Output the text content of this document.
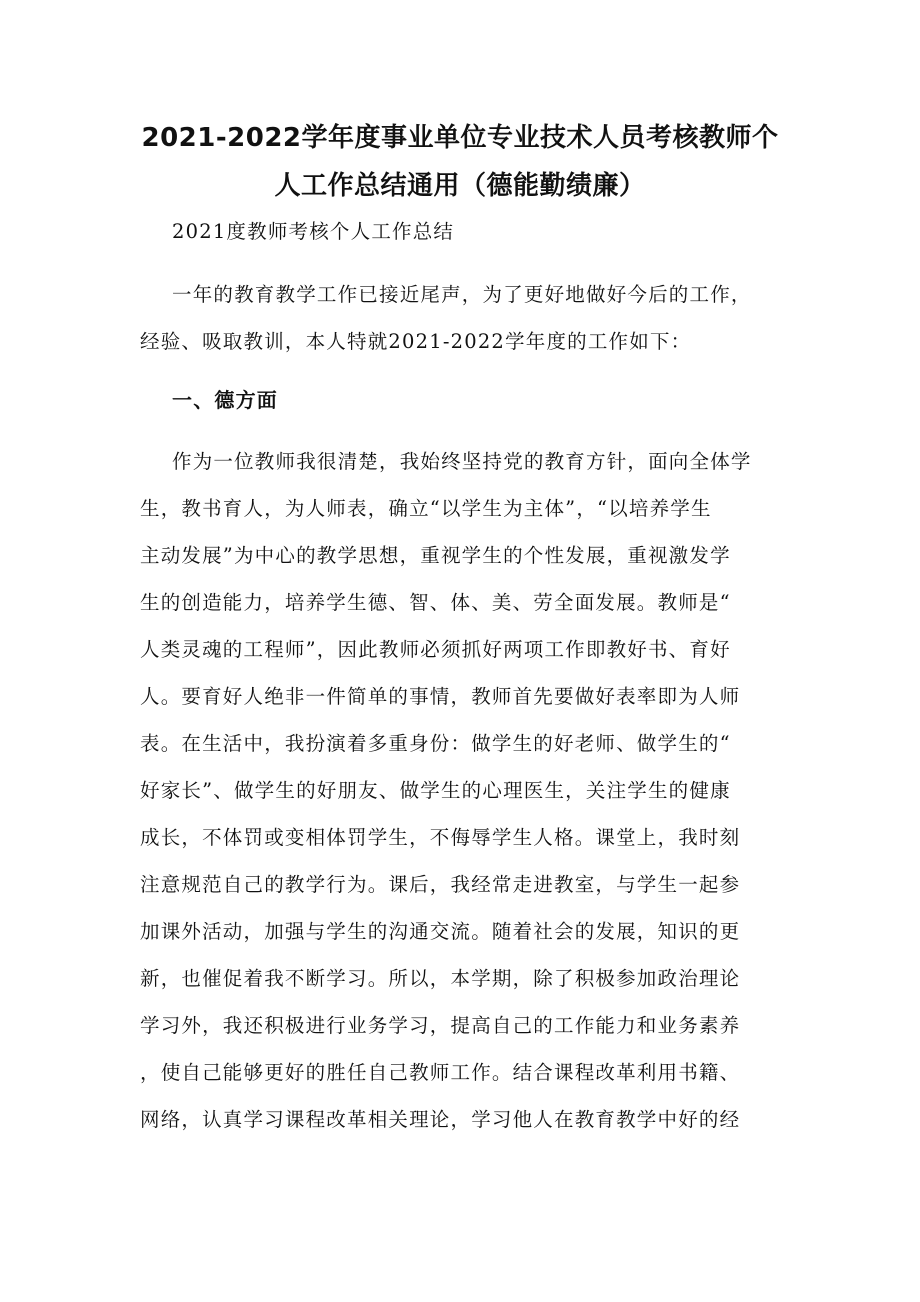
2021-2022学年度事业单位专业技术人员考核教师个
人工作总结通用（德能勤绩廉）
2021度教师考核个人工作总结
一年的教育教学工作已接近尾声，为了更好地做好今后的工作，
经验、吸取教训，本人特就2021-2022学年度的工作如下：
一、德方面
作为一位教师我很清楚，我始终坚持党的教育方针，面向全体学
生，教书育人，为人师表，确立“以学生为主体”，“以培养学生
主动发展”为中心的教学思想，重视学生的个性发展，重视激发学
生的创造能力，培养学生德、智、体、美、劳全面发展。教师是“
人类灵魂的工程师”，因此教师必须抓好两项工作即教好书、育好
人。要育好人绝非一件简单的事情，教师首先要做好表率即为人师
表。在生活中，我扮演着多重身份：做学生的好老师、做学生的“
好家长”、做学生的好朋友、做学生的心理医生，关注学生的健康
成长，不体罚或变相体罚学生，不侮辱学生人格。课堂上，我时刻
注意规范自己的教学行为。课后，我经常走进教室，与学生一起参
加课外活动，加强与学生的沟通交流。随着社会的发展，知识的更
新，也催促着我不断学习。所以，本学期，除了积极参加政治理论
学习外，我还积极进行业务学习，提高自己的工作能力和业务素养
，使自己能够更好的胜任自己教师工作。结合课程改革利用书籍、
网络，认真学习课程改革相关理论，学习他人在教育教学中好的经
